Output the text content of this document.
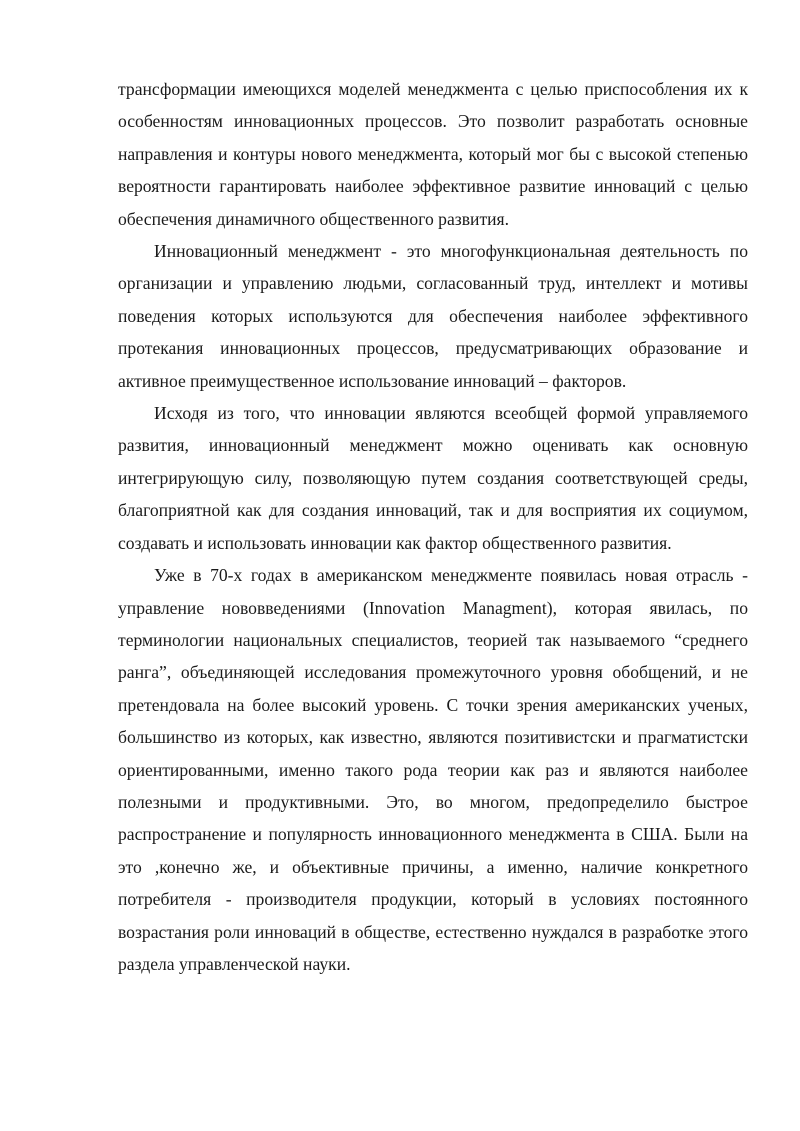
трансформации имеющихся моделей менеджмента с целью приспособления их к особенностям инновационных процессов. Это позволит разработать основные направления и контуры нового менеджмента, который мог бы с высокой степенью вероятности гарантировать наиболее эффективное развитие инноваций с целью обеспечения динамичного общественного развития.

Инновационный менеджмент - это многофункциональная деятельность по организации и управлению людьми, согласованный труд, интеллект и мотивы поведения которых используются для обеспечения наиболее эффективного протекания инновационных процессов, предусматривающих образование и активное преимущественное использование инноваций – факторов.

Исходя из того, что инновации являются всеобщей формой управляемого развития, инновационный менеджмент можно оценивать как основную интегрирующую силу, позволяющую путем создания соответствующей среды, благоприятной как для создания инноваций, так и для восприятия их социумом, создавать и использовать инновации как фактор общественного развития.

Уже в 70-х годах в американском менеджменте появилась новая отрасль - управление нововведениями (Innovation Managment), которая явилась, по терминологии национальных специалистов, теорией так называемого “среднего ранга”, объединяющей исследования промежуточного уровня обобщений, и не претендовала на более высокий уровень. С точки зрения американских ученых, большинство из которых, как известно, являются позитивистски и прагматистски ориентированными, именно такого рода теории как раз и являются наиболее полезными и продуктивными. Это, во многом, предопределило быстрое распространение и популярность инновационного менеджмента в США. Были на это ,конечно же, и объективные причины, а именно, наличие конкретного потребителя - производителя продукции, который в условиях постоянного возрастания роли инноваций в обществе, естественно нуждался в разработке этого раздела управленческой науки.
